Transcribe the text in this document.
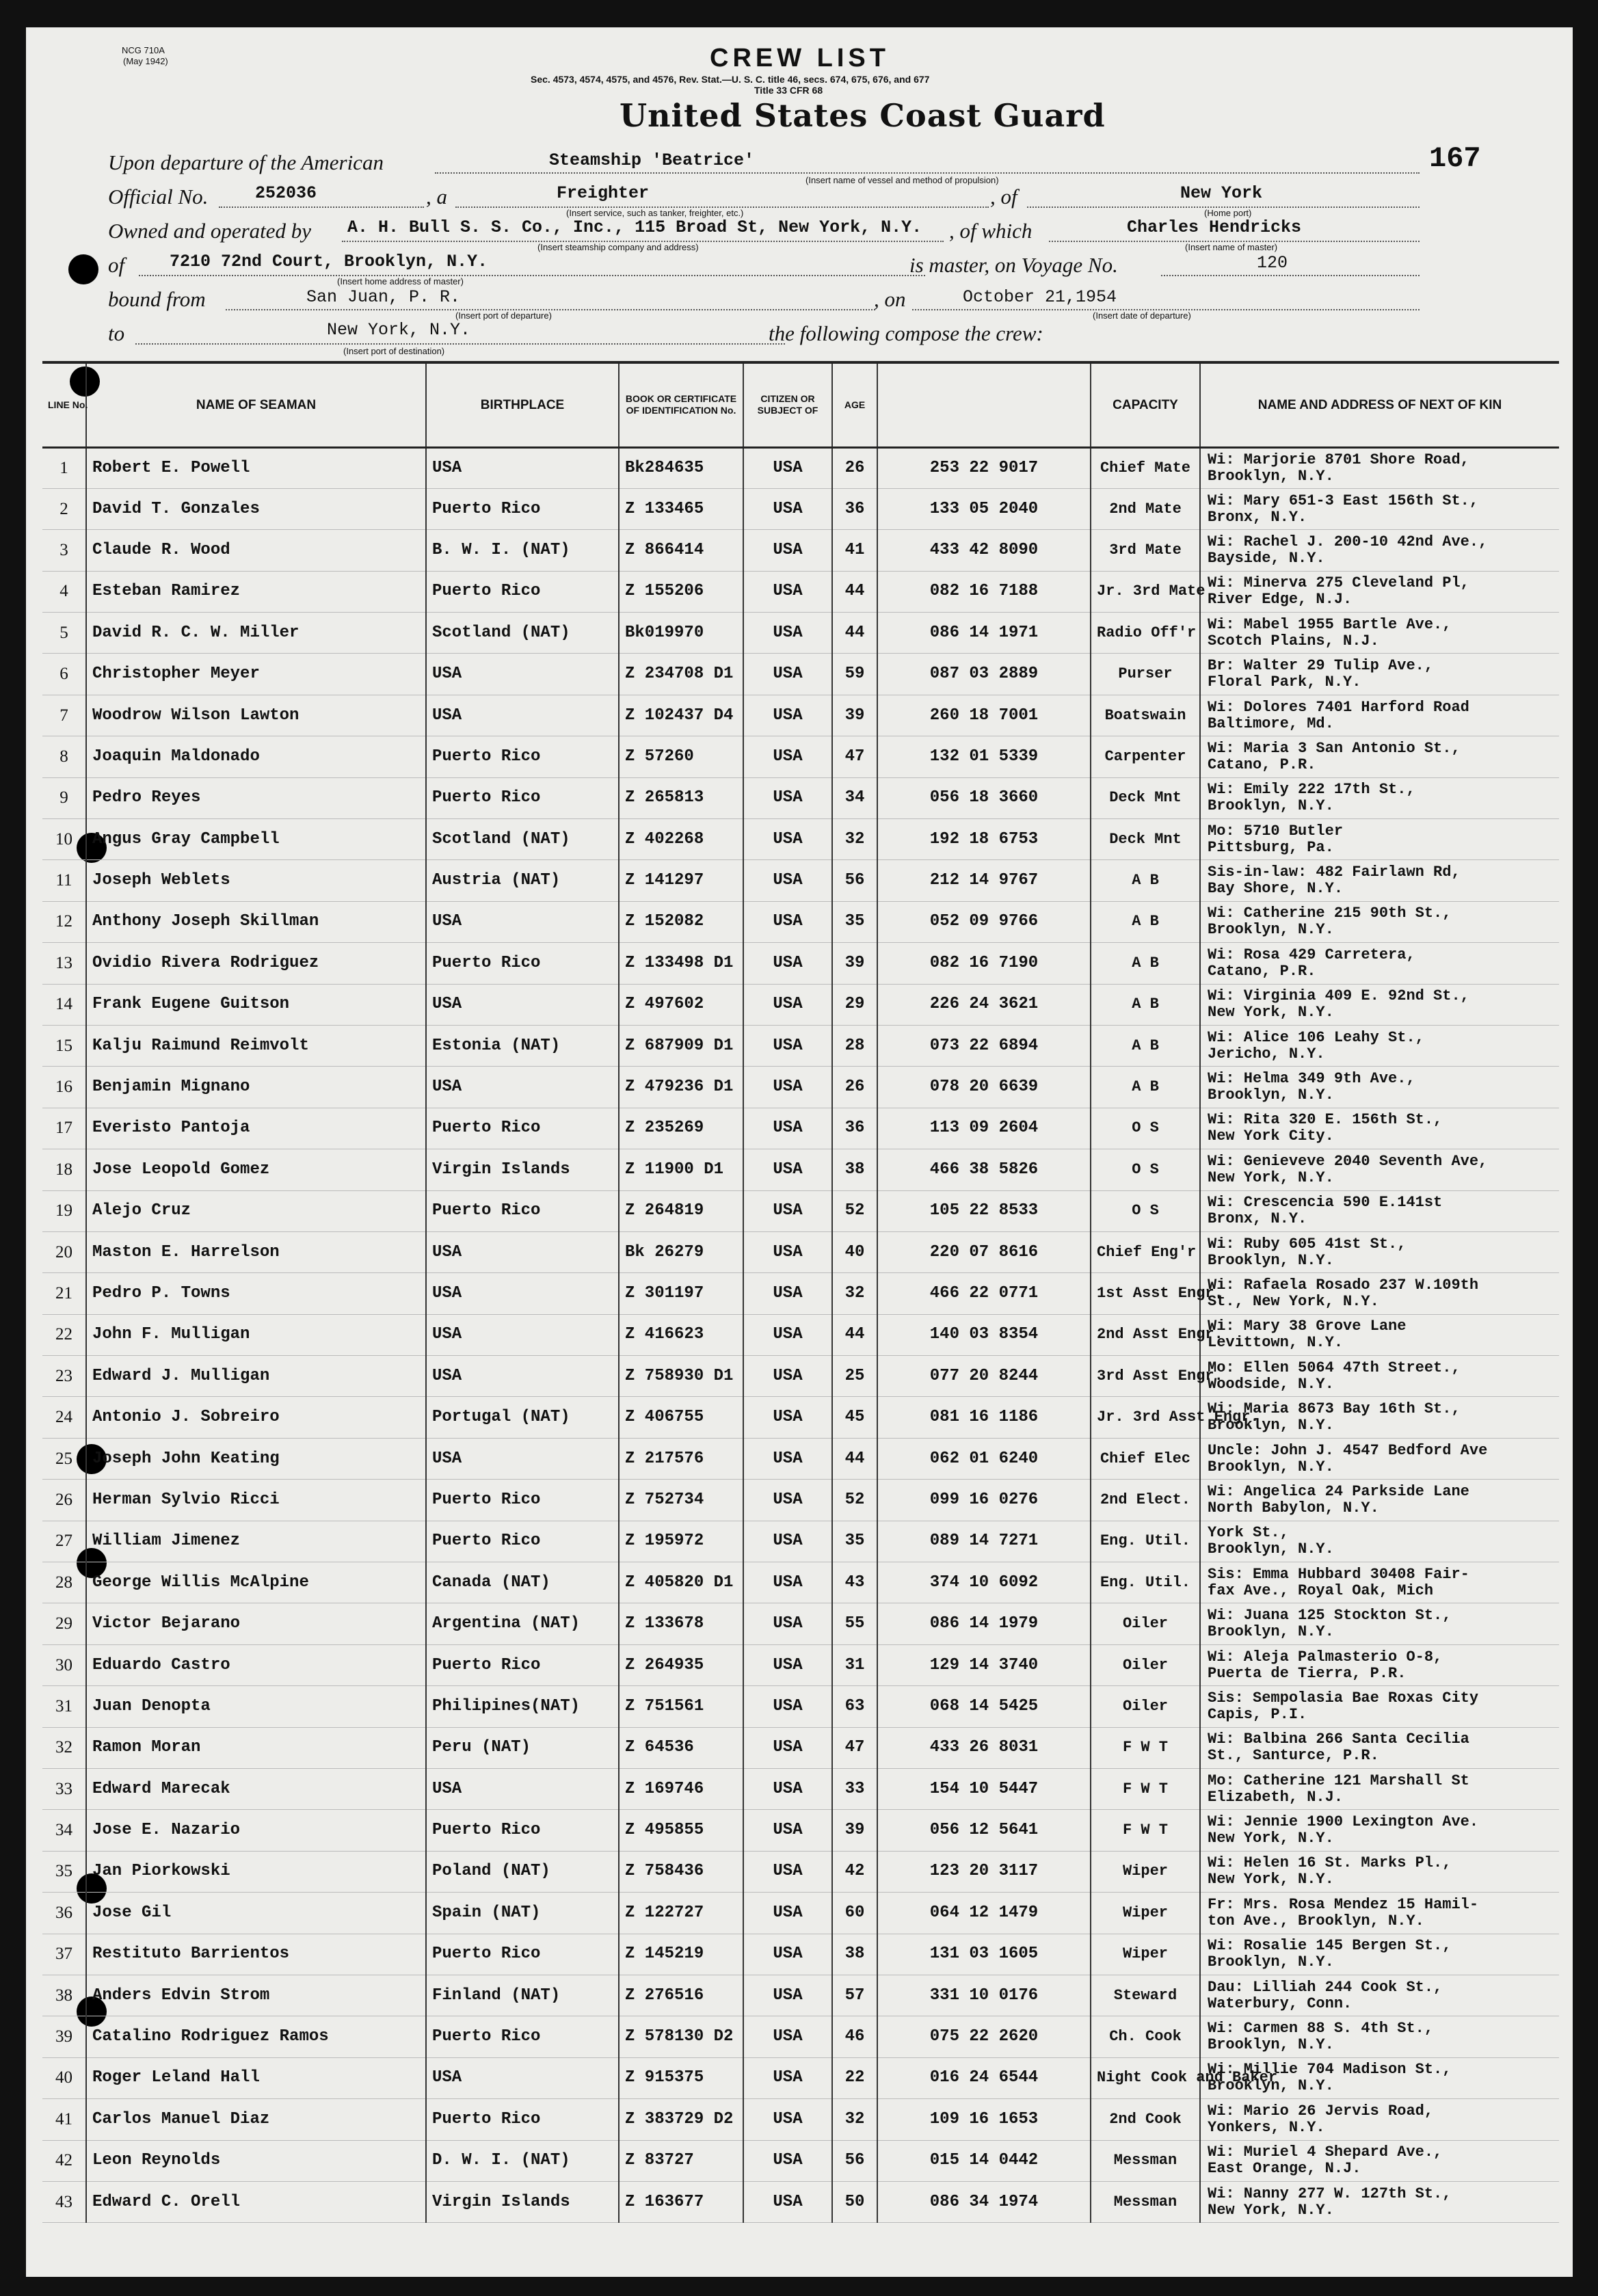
NCG 710A
(May 1942)	CREW LIST
Sec. 4573, 4574, 4575, and 4576, Rev. Stat.—U. S. C. title 46, secs. 674, 675, 676, and 677
Title 33 CFR 68
United States Coast Guard
167
Upon departure of the American	Steamship 'Beatrice'
(Insert name of vessel and method of propulsion)
Official No.	252036	, a	Freighter
(Insert service, such as tanker, freighter, etc.)
, of	New York
(Home port)
Owned and operated by A. H. Bull S. S. Co., Inc., 115 Broad St, New York, N.Y.
(Insert steamship company and address)
, of which	Charles Hendricks
(Insert name of master)
of	7210 72nd Court, Brooklyn, N.Y.
(Insert home address of master)
is master, on Voyage No.	120
bound from	San Juan, P. R.
(Insert port of departure)
, on	October 21,1954
(Insert date of departure)
to	New York, N.Y.
(Insert port of destination)
the following compose the crew:
LINE No.	NAME OF SEAMAN	BIRTHPLACE	BOOK OR CERTIFICATE OF IDENTIFICATION No.	CITIZEN OR SUBJECT OF	AGE		CAPACITY	NAME AND ADDRESS OF NEXT OF KIN
1	Robert E. Powell	USA	Bk284635	USA	26	253 22 9017	Chief Mate	Wi: Marjorie 8701 Shore Road,
Brooklyn, N.Y.

2	David T. Gonzales	Puerto Rico	Z 133465	USA	36	133 05 2040	2nd Mate	Wi: Mary 651-3 East 156th St.,
Bronx, N.Y.

3	Claude R. Wood	B. W. I. (NAT)	Z 866414	USA	41	433 42 8090	3rd Mate	Wi: Rachel J. 200-10 42nd Ave.,
Bayside, N.Y.

4	Esteban Ramirez	Puerto Rico	Z 155206	USA	44	082 16 7188	Jr. 3rd Mate	Wi: Minerva 275 Cleveland Pl,
River Edge, N.J.

5	David R. C. W. Miller	Scotland (NAT)	Bk019970	USA	44	086 14 1971	Radio Off'r	Wi: Mabel 1955 Bartle Ave.,
Scotch Plains, N.J.

6	Christopher Meyer	USA	Z 234708 D1	USA	59	087 03 2889	Purser	Br: Walter 29 Tulip Ave.,
Floral Park, N.Y.

7	Woodrow Wilson Lawton	USA	Z 102437 D4	USA	39	260 18 7001	Boatswain	Wi: Dolores 7401 Harford Road
Baltimore, Md.

8	Joaquin Maldonado	Puerto Rico	Z 57260	USA	47	132 01 5339	Carpenter	Wi: Maria 3 San Antonio St.,
Catano, P.R.

9	Pedro Reyes	Puerto Rico	Z 265813	USA	34	056 18 3660	Deck Mnt	Wi: Emily 222 17th St.,
Brooklyn, N.Y.

10	Angus Gray Campbell	Scotland (NAT)	Z 402268	USA	32	192 18 6753	Deck Mnt	Mo: 5710 Butler
Pittsburg, Pa.

11	Joseph Weblets	Austria (NAT)	Z 141297	USA	56	212 14 9767	A B	Sis-in-law: 482 Fairlawn Rd,
Bay Shore, N.Y.

12	Anthony Joseph Skillman	USA	Z 152082	USA	35	052 09 9766	A B	Wi: Catherine 215 90th St.,
Brooklyn, N.Y.

13	Ovidio Rivera Rodriguez	Puerto Rico	Z 133498 D1	USA	39	082 16 7190	A B	Wi: Rosa 429 Carretera,
Catano, P.R.

14	Frank Eugene Guitson	USA	Z 497602	USA	29	226 24 3621	A B	Wi: Virginia 409 E. 92nd St.,
New York, N.Y.

15	Kalju Raimund Reimvolt	Estonia (NAT)	Z 687909 D1	USA	28	073 22 6894	A B	Wi: Alice 106 Leahy St.,
Jericho, N.Y.

16	Benjamin Mignano	USA	Z 479236 D1	USA	26	078 20 6639	A B	Wi: Helma 349 9th Ave.,
Brooklyn, N.Y.

17	Everisto Pantoja	Puerto Rico	Z 235269	USA	36	113 09 2604	O S	Wi: Rita 320 E. 156th St.,
New York City.

18	Jose Leopold Gomez	Virgin Islands	Z 11900 D1	USA	38	466 38 5826	O S	Wi: Genieveve 2040 Seventh Ave,
New York, N.Y.

19	Alejo Cruz	Puerto Rico	Z 264819	USA	52	105 22 8533	O S	Wi: Crescencia 590 E.141st
Bronx, N.Y.

20	Maston E. Harrelson	USA	Bk 26279	USA	40	220 07 8616	Chief Eng'r	Wi: Ruby 605 41st St.,
Brooklyn, N.Y.

21	Pedro P. Towns	USA	Z 301197	USA	32	466 22 0771	1st Asst Engr.	Wi: Rafaela Rosado 237 W.109th
St., New York, N.Y.

22	John F. Mulligan	USA	Z 416623	USA	44	140 03 8354	2nd Asst Engr.	Wi: Mary 38 Grove Lane
Levittown, N.Y.

23	Edward J. Mulligan	USA	Z 758930 D1	USA	25	077 20 8244	3rd Asst Engr.	Mo: Ellen 5064 47th Street.,
Woodside, N.Y.

24	Antonio J. Sobreiro	Portugal (NAT)	Z 406755	USA	45	081 16 1186	Jr. 3rd Asst Engr.	Wi: Maria 8673 Bay 16th St.,
Brooklyn, N.Y.

25	Joseph John Keating	USA	Z 217576	USA	44	062 01 6240	Chief Elec	Uncle: John J. 4547 Bedford Ave
Brooklyn, N.Y.

26	Herman Sylvio Ricci	Puerto Rico	Z 752734	USA	52	099 16 0276	2nd Elect.	Wi: Angelica 24 Parkside Lane
North Babylon, N.Y.

27	William Jimenez	Puerto Rico	Z 195972	USA	35	089 14 7271	Eng. Util.	York St.,
Brooklyn, N.Y.

28	George Willis McAlpine	Canada (NAT)	Z 405820 D1	USA	43	374 10 6092	Eng. Util.	Sis: Emma Hubbard 30408 Fair-
fax Ave., Royal Oak, Mich

29	Victor Bejarano	Argentina (NAT)	Z 133678	USA	55	086 14 1979	Oiler	Wi: Juana 125 Stockton St.,
Brooklyn, N.Y.

30	Eduardo Castro	Puerto Rico	Z 264935	USA	31	129 14 3740	Oiler	Wi: Aleja Palmasterio O-8,
Puerta de Tierra, P.R.

31	Juan Denopta	Philipines(NAT)	Z 751561	USA	63	068 14 5425	Oiler	Sis: Sempolasia Bae Roxas City
Capis, P.I.

32	Ramon Moran	Peru (NAT)	Z 64536	USA	47	433 26 8031	F W T	Wi: Balbina 266 Santa Cecilia
St., Santurce, P.R.

33	Edward Marecak	USA	Z 169746	USA	33	154 10 5447	F W T	Mo: Catherine 121 Marshall St
Elizabeth, N.J.

34	Jose E. Nazario	Puerto Rico	Z 495855	USA	39	056 12 5641	F W T	Wi: Jennie 1900 Lexington Ave.
New York, N.Y.

35	Jan Piorkowski	Poland (NAT)	Z 758436	USA	42	123 20 3117	Wiper	Wi: Helen 16 St. Marks Pl.,
New York, N.Y.

36	Jose Gil	Spain (NAT)	Z 122727	USA	60	064 12 1479	Wiper	Fr: Mrs. Rosa Mendez 15 Hamil-
ton Ave., Brooklyn, N.Y.

37	Restituto Barrientos	Puerto Rico	Z 145219	USA	38	131 03 1605	Wiper	Wi: Rosalie 145 Bergen St.,
Brooklyn, N.Y.

38	Anders Edvin Strom	Finland (NAT)	Z 276516	USA	57	331 10 0176	Steward	Dau: Lilliah 244 Cook St.,
Waterbury, Conn.

39	Catalino Rodriguez Ramos	Puerto Rico	Z 578130 D2	USA	46	075 22 2620	Ch. Cook	Wi: Carmen 88 S. 4th St.,
Brooklyn, N.Y.

40	Roger Leland Hall	USA	Z 915375	USA	22	016 24 6544	Night Cook and Baker	Wi: Millie 704 Madison St.,
Brooklyn, N.Y.

41	Carlos Manuel Diaz	Puerto Rico	Z 383729 D2	USA	32	109 16 1653	2nd Cook	Wi: Mario 26 Jervis Road,
Yonkers, N.Y.

42	Leon Reynolds	D. W. I. (NAT)	Z 83727	USA	56	015 14 0442	Messman	Wi: Muriel 4 Shepard Ave.,
East Orange, N.J.

43	Edward C. Orell	Virgin Islands	Z 163677	USA	50	086 34 1974	Messman	Wi: Nanny 277 W. 127th St.,
New York, N.Y.
